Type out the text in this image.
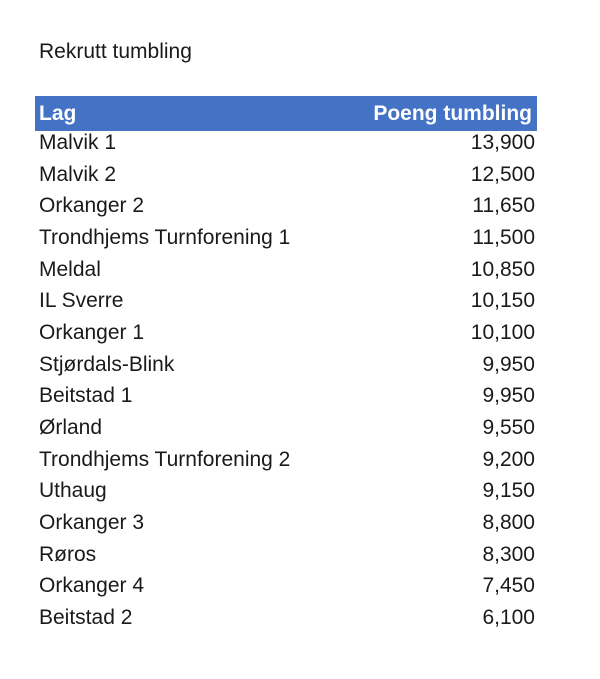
Rekrutt tumbling
Lag	Poeng tumbling
Malvik 1	13,900
Malvik 2	12,500
Orkanger 2	11,650
Trondhjems Turnforening 1	11,500
Meldal	10,850
IL Sverre	10,150
Orkanger 1	10,100
Stjørdals-Blink	9,950
Beitstad 1	9,950
Ørland	9,550
Trondhjems Turnforening 2	9,200
Uthaug	9,150
Orkanger 3	8,800
Røros	8,300
Orkanger 4	7,450
Beitstad 2	6,100
